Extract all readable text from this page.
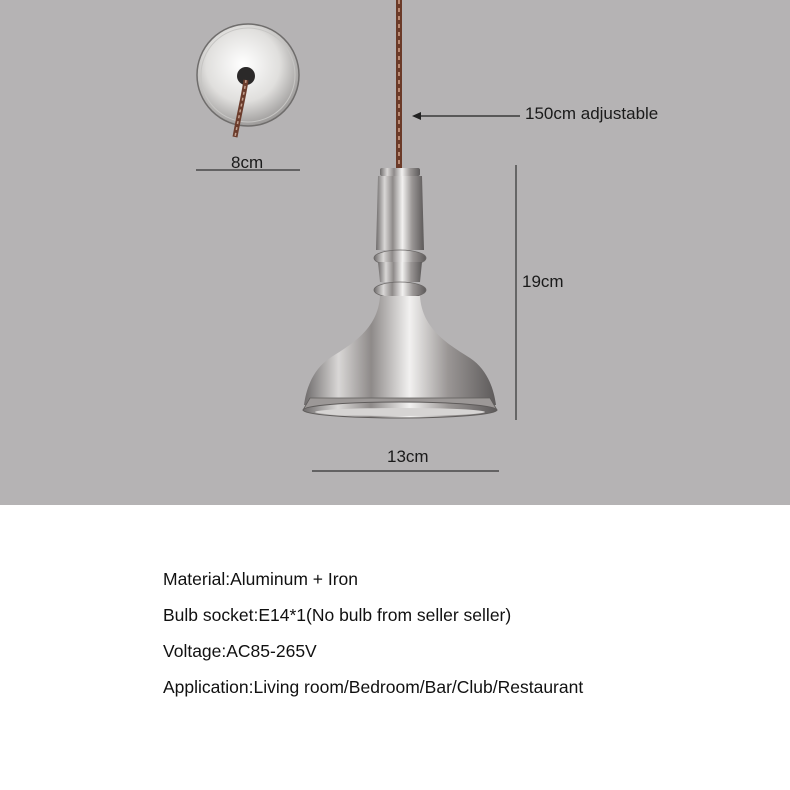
150cm adjustable
8cm
19cm
13cm
Material:Aluminum + Iron
Bulb socket:E14*1(No bulb from seller seller)
Voltage:AC85-265V
Application:Living room/Bedroom/Bar/Club/Restaurant
